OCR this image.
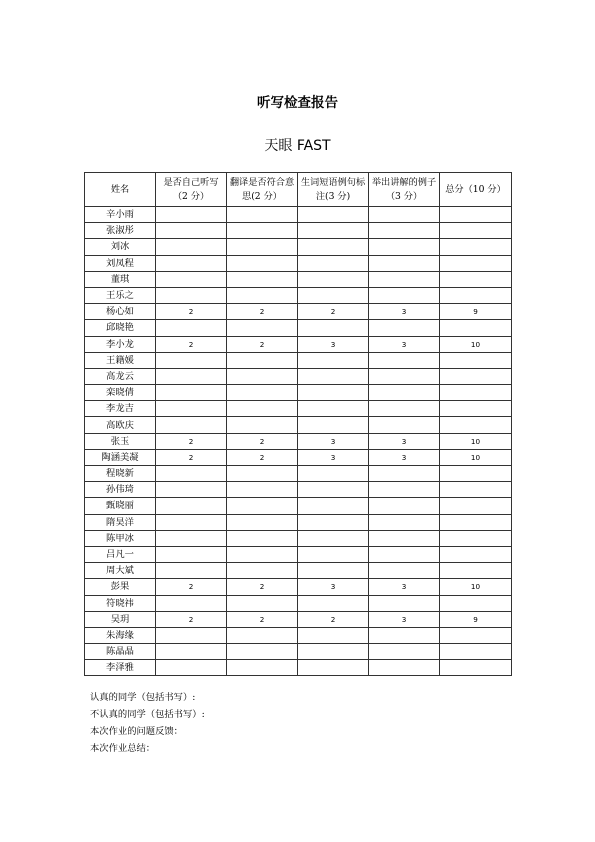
听写检查报告
天眼 FAST
姓名	是否自己听写（2 分）	翻译是否符合意思(2 分）	生词短语例句标注(3 分)	举出讲解的例子（3 分）	总分（10 分）
辛小雨					
张淑彤					
刘冰					
刘凤程					
董琪					
王乐之					
杨心如	2	2	2	3	9
邱晓艳					
李小龙	2	2	3	3	10
王籍媛					
高龙云					
栾晓倩					
李龙吉					
高欧庆					
张玉	2	2	3	3	10
陶涵美凝	2	2	3	3	10
程晓新					
孙伟琦					
甄晓丽					
隋昊洋					
陈甲冰					
吕凡一					
周大斌					
彭果	2	2	3	3	10
符晓祎					
吴玥	2	2	2	3	9
朱海缘					
陈晶晶					
李泽雅					
认真的同学（包括书写）:
不认真的同学（包括书写）:
本次作业的问题反馈：
本次作业总结：
